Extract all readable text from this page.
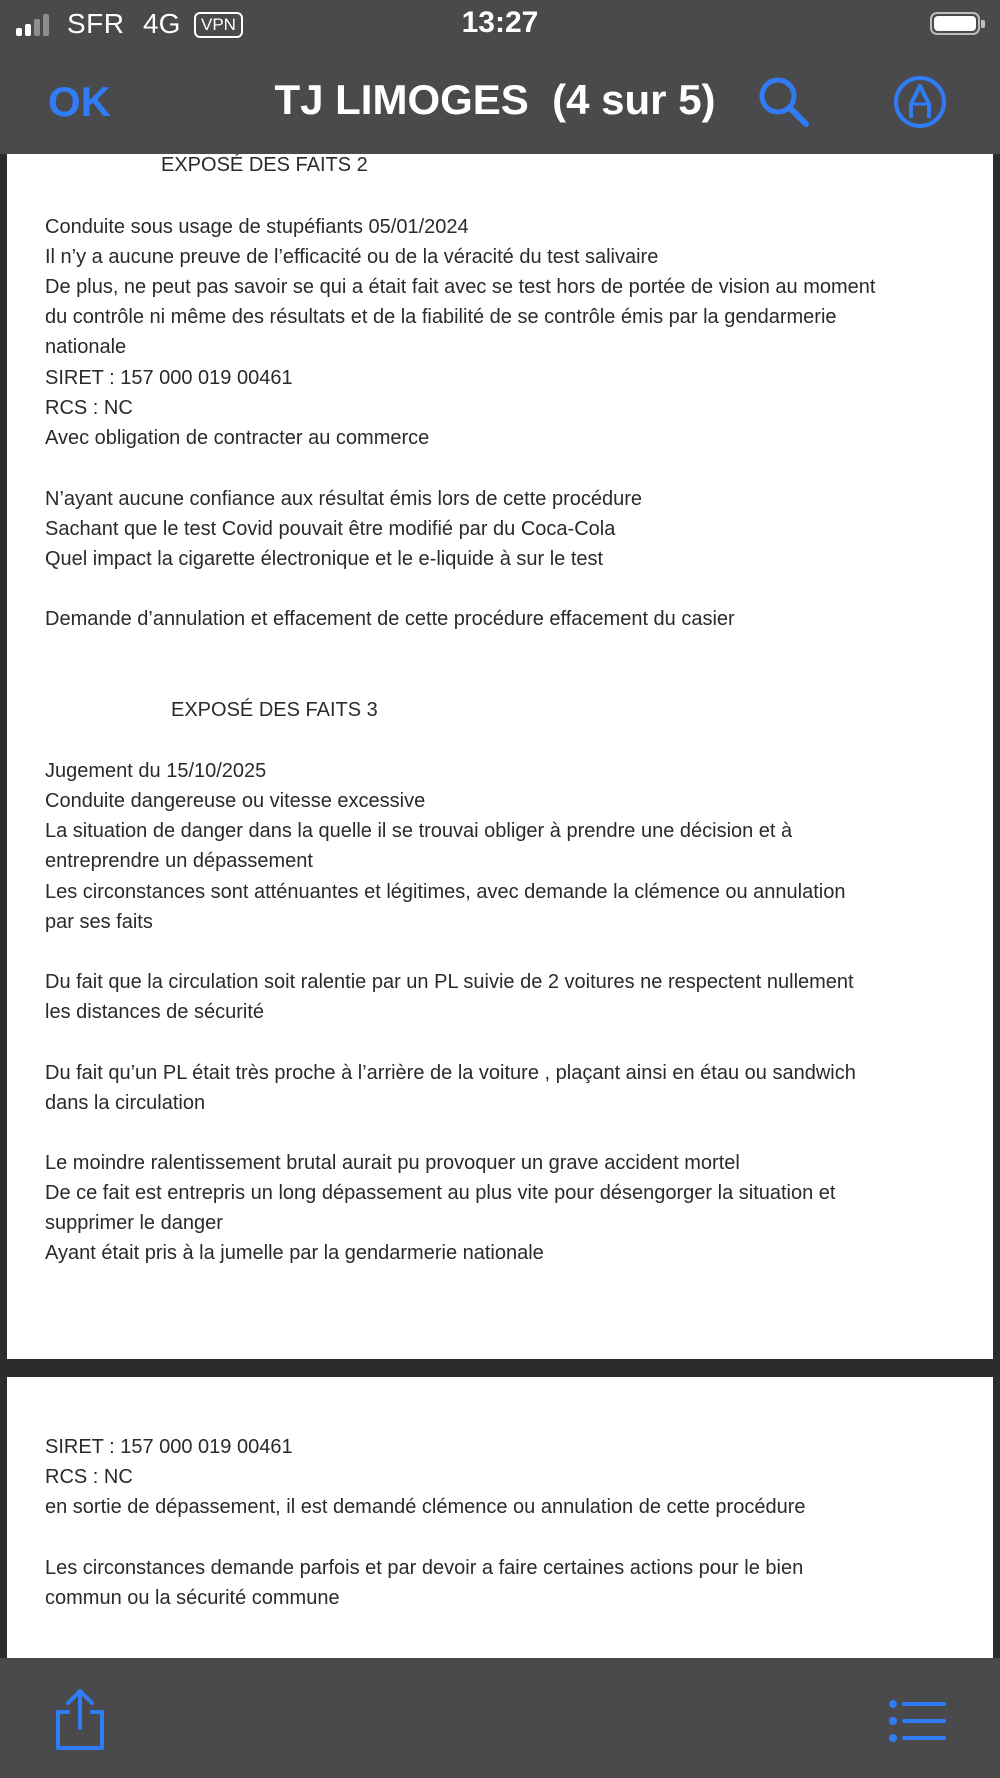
SFR 4G	VPN	13:27
OK	TJ LIMOGES  (4 sur 5)

EXPOSÉ DES FAITS 2

Conduite sous usage de stupéfiants 05/01/2024

Il n’y a aucune preuve de l’efficacité ou de la véracité du test salivaire

De plus, ne peut pas savoir se qui a était fait avec se test hors de portée de vision au moment

du contrôle ni même des résultats et de la fiabilité de se contrôle émis par la gendarmerie

nationale

SIRET : 157 000 019 00461

RCS : NC

Avec obligation de contracter au commerce

N’ayant aucune confiance aux résultat émis lors de cette procédure

Sachant que le test Covid pouvait être modifié par du Coca-Cola

Quel impact la cigarette électronique et le e-liquide à sur le test

Demande d’annulation et effacement de cette procédure effacement du casier

EXPOSÉ DES FAITS 3

Jugement du 15/10/2025

Conduite dangereuse ou vitesse excessive

La situation de danger dans la quelle il se trouvai obliger à prendre une décision et à

entreprendre un dépassement

Les circonstances sont atténuantes et légitimes, avec demande la clémence ou annulation

par ses faits

Du fait que la circulation soit ralentie par un PL suivie de 2 voitures ne respectent nullement

les distances de sécurité

Du fait qu’un PL était très proche à l’arrière de la voiture , plaçant ainsi en étau ou sandwich

dans la circulation

Le moindre ralentissement brutal aurait pu provoquer un grave accident mortel

De ce fait est entrepris un long dépassement au plus vite pour désengorger la situation et

supprimer le danger

Ayant était pris à la jumelle par la gendarmerie nationale

SIRET : 157 000 019 00461

RCS : NC

en sortie de dépassement, il est demandé clémence ou annulation de cette procédure

Les circonstances demande parfois et par devoir a faire certaines actions pour le bien

commun ou la sécurité commune
